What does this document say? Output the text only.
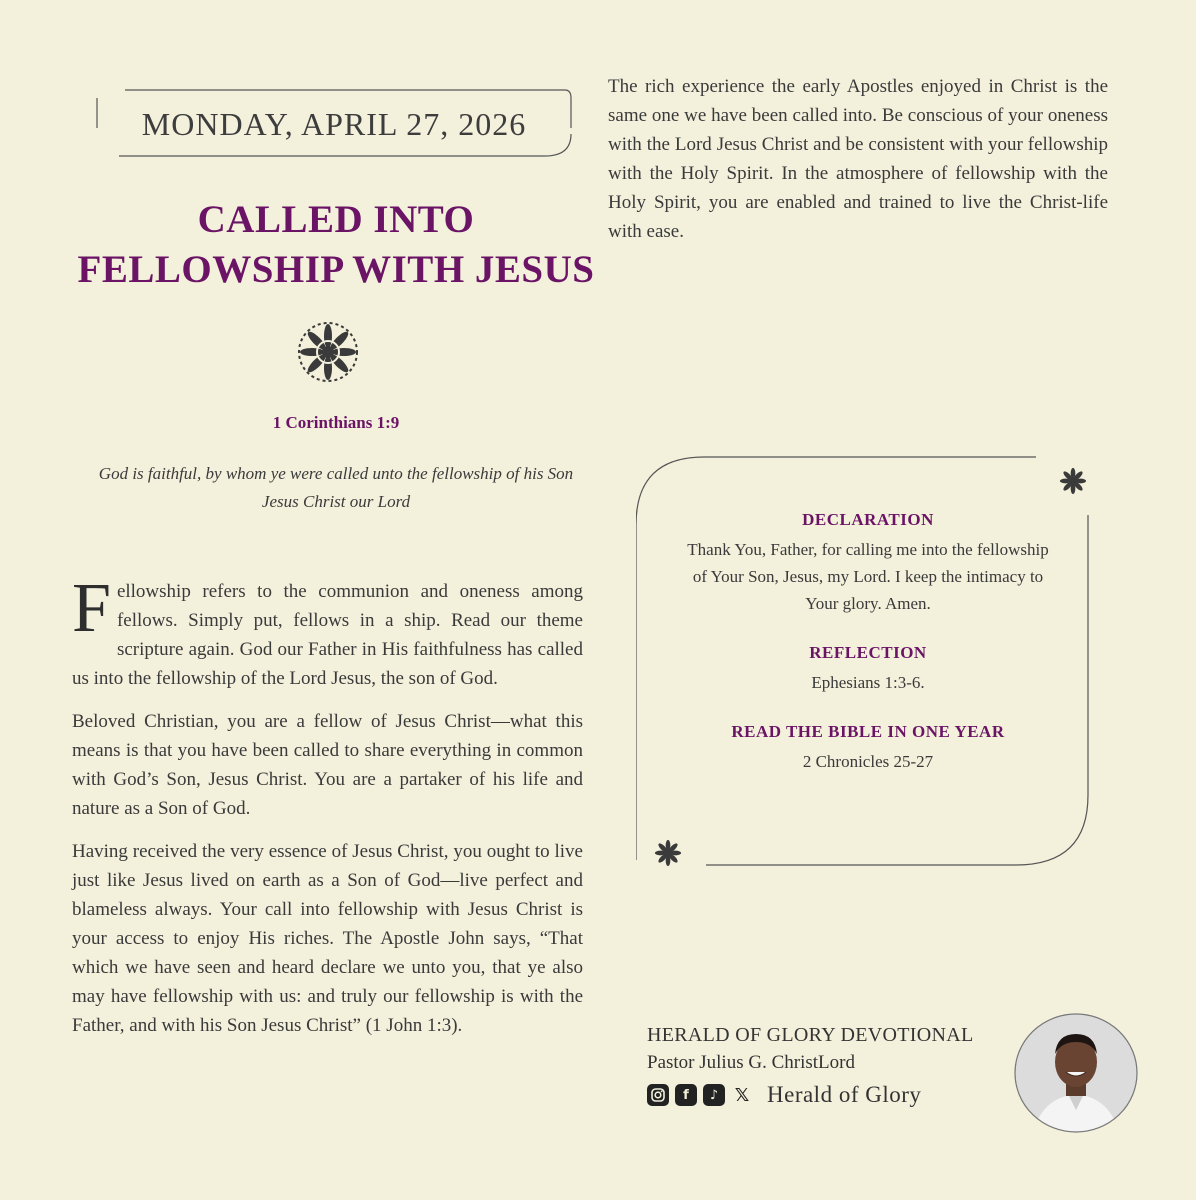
MONDAY, APRIL 27, 2026
CALLED INTO
FELLOWSHIP WITH JESUS
1 Corinthians 1:9
God is faithful, by whom ye were called unto the fellowship of his Son
Jesus Christ our Lord

Fellowship refers to the communion and oneness among fellows. Simply put, fellows in a ship. Read our theme scripture again. God our Father in His faithfulness has called us into the fellowship of the Lord Jesus, the son of God.

Beloved Christian, you are a fellow of Jesus Christ—what this means is that you have been called to share everything in common with God’s Son, Jesus Christ. You are a partaker of his life and nature as a Son of God.

Having received the very essence of Jesus Christ, you ought to live just like Jesus lived on earth as a Son of God—live perfect and blameless always. Your call into fellowship with Jesus Christ is your access to enjoy His riches. The Apostle John says, “That which we have seen and heard declare we unto you, that ye also may have fellowship with us: and truly our fellowship is with the Father, and with his Son Jesus Christ” (1 John 1:3).

The rich experience the early Apostles enjoyed in Christ is the same one we have been called into. Be conscious of your oneness with the Lord Jesus Christ and be consistent with your fellowship with the Holy Spirit. In the atmosphere of fellowship with the Holy Spirit, you are enabled and trained to live the Christ-life with ease.
DECLARATION
Thank You, Father, for calling me into the fellowship of Your Son, Jesus, my Lord. I keep the intimacy to Your glory. Amen.
REFLECTION
Ephesians 1:3-6.
READ THE BIBLE IN ONE YEAR
2 Chronicles 25-27
HERALD OF GLORY DEVOTIONAL
Pastor Julius G. ChristLord
f	♪ 𝕏 Herald of Glory
